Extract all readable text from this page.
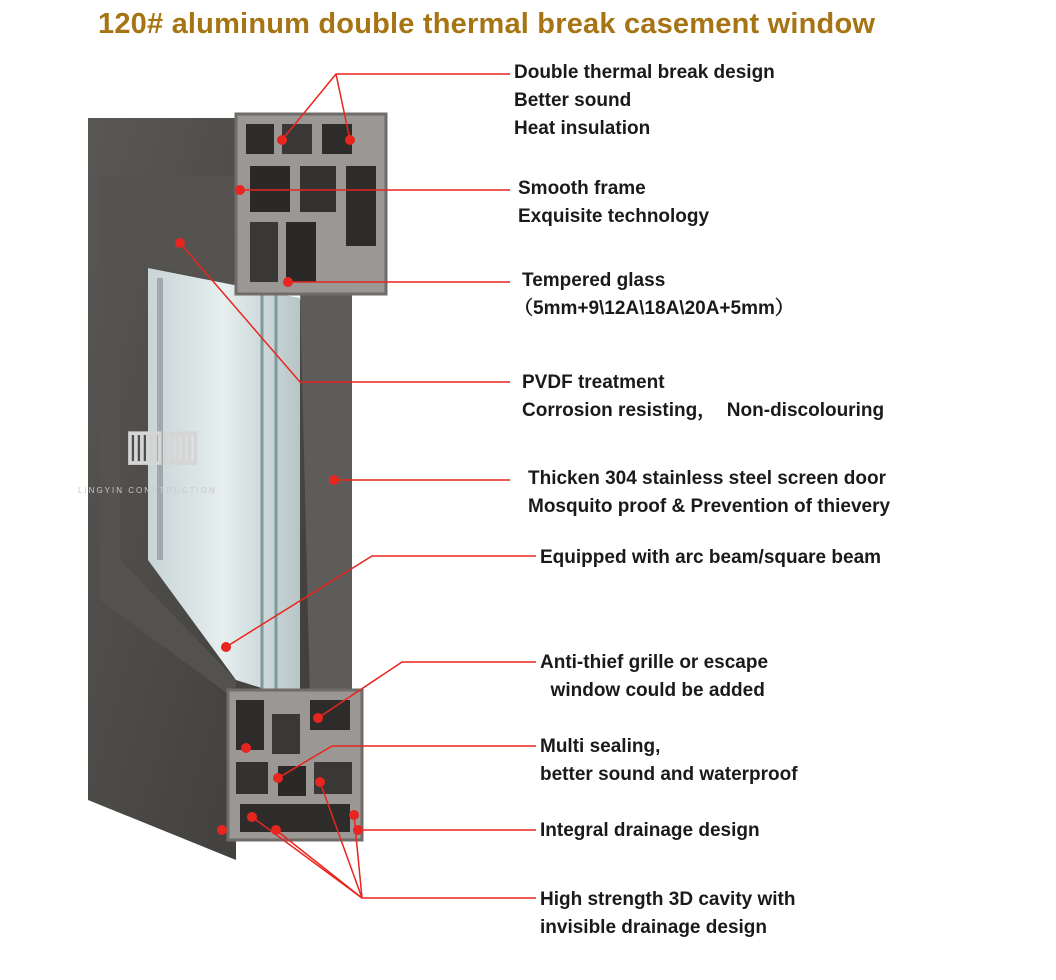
120# aluminum double thermal break casement window
▥▥
LINGYIN CONSTRUCTION
Double thermal break design
Better sound
Heat insulation
Smooth frame
Exquisite technology
Tempered glass
（5mm+9\12A\18A\20A+5mm）
PVDF treatment
Corrosion resisting，  Non-discolouring
Thicken 304 stainless steel screen door
Mosquito proof & Prevention of thievery
Equipped with arc beam/square beam
Anti-thief grille or escape
window could be added
Multi sealing,
better sound and waterproof
Integral drainage design
High strength 3D cavity with
invisible drainage design
